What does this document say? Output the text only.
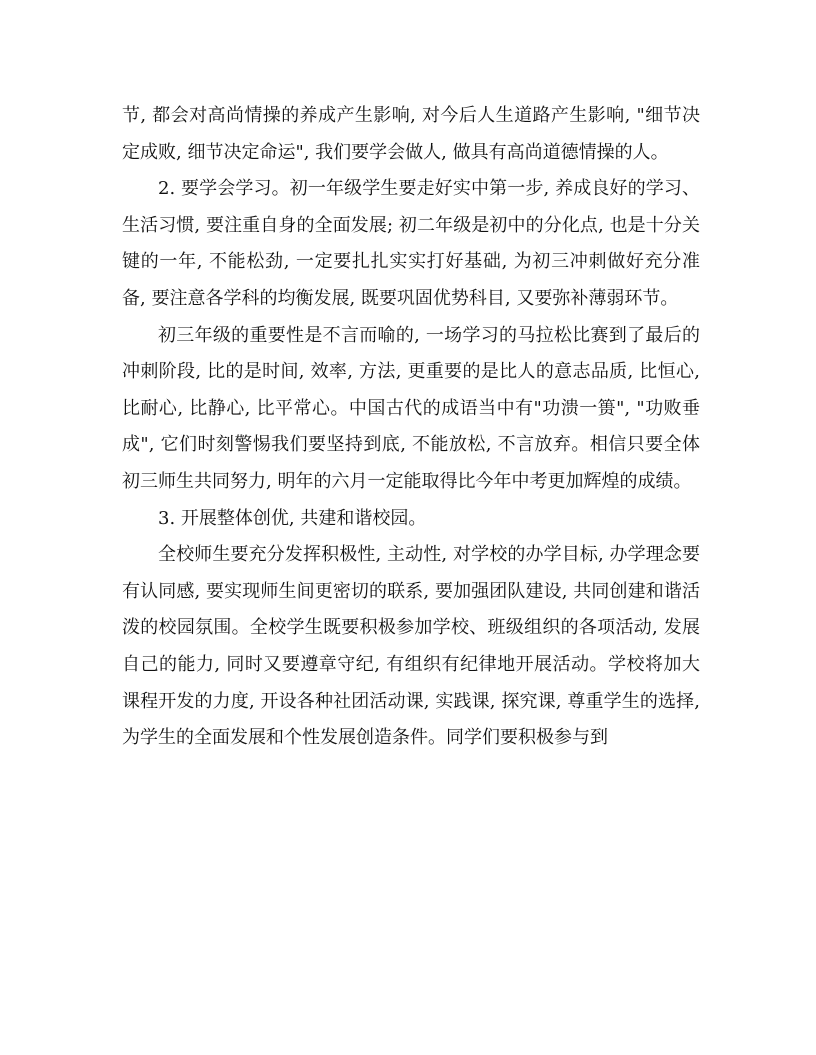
节, 都会对高尚情操的养成产生影响, 对今后人生道路产生影响, "细节决定成败, 细节决定命运", 我们要学会做人, 做具有高尚道德情操的人。

2. 要学会学习。初一年级学生要走好实中第一步, 养成良好的学习、生活习惯, 要注重自身的全面发展; 初二年级是初中的分化点, 也是十分关键的一年, 不能松劲, 一定要扎扎实实打好基础, 为初三冲刺做好充分准备, 要注意各学科的均衡发展, 既要巩固优势科目, 又要弥补薄弱环节。

初三年级的重要性是不言而喻的, 一场学习的马拉松比赛到了最后的冲刺阶段, 比的是时间, 效率, 方法, 更重要的是比人的意志品质, 比恒心, 比耐心, 比静心, 比平常心。中国古代的成语当中有"功溃一篑", "功败垂成", 它们时刻警惕我们要坚持到底, 不能放松, 不言放弃。相信只要全体初三师生共同努力, 明年的六月一定能取得比今年中考更加辉煌的成绩。

3. 开展整体创优, 共建和谐校园。

全校师生要充分发挥积极性, 主动性, 对学校的办学目标, 办学理念要有认同感, 要实现师生间更密切的联系, 要加强团队建设, 共同创建和谐活泼的校园氛围。全校学生既要积极参加学校、班级组织的各项活动, 发展自己的能力, 同时又要遵章守纪, 有组织有纪律地开展活动。学校将加大课程开发的力度, 开设各种社团活动课, 实践课, 探究课, 尊重学生的选择, 为学生的全面发展和个性发展创造条件。同学们要积极参与到
